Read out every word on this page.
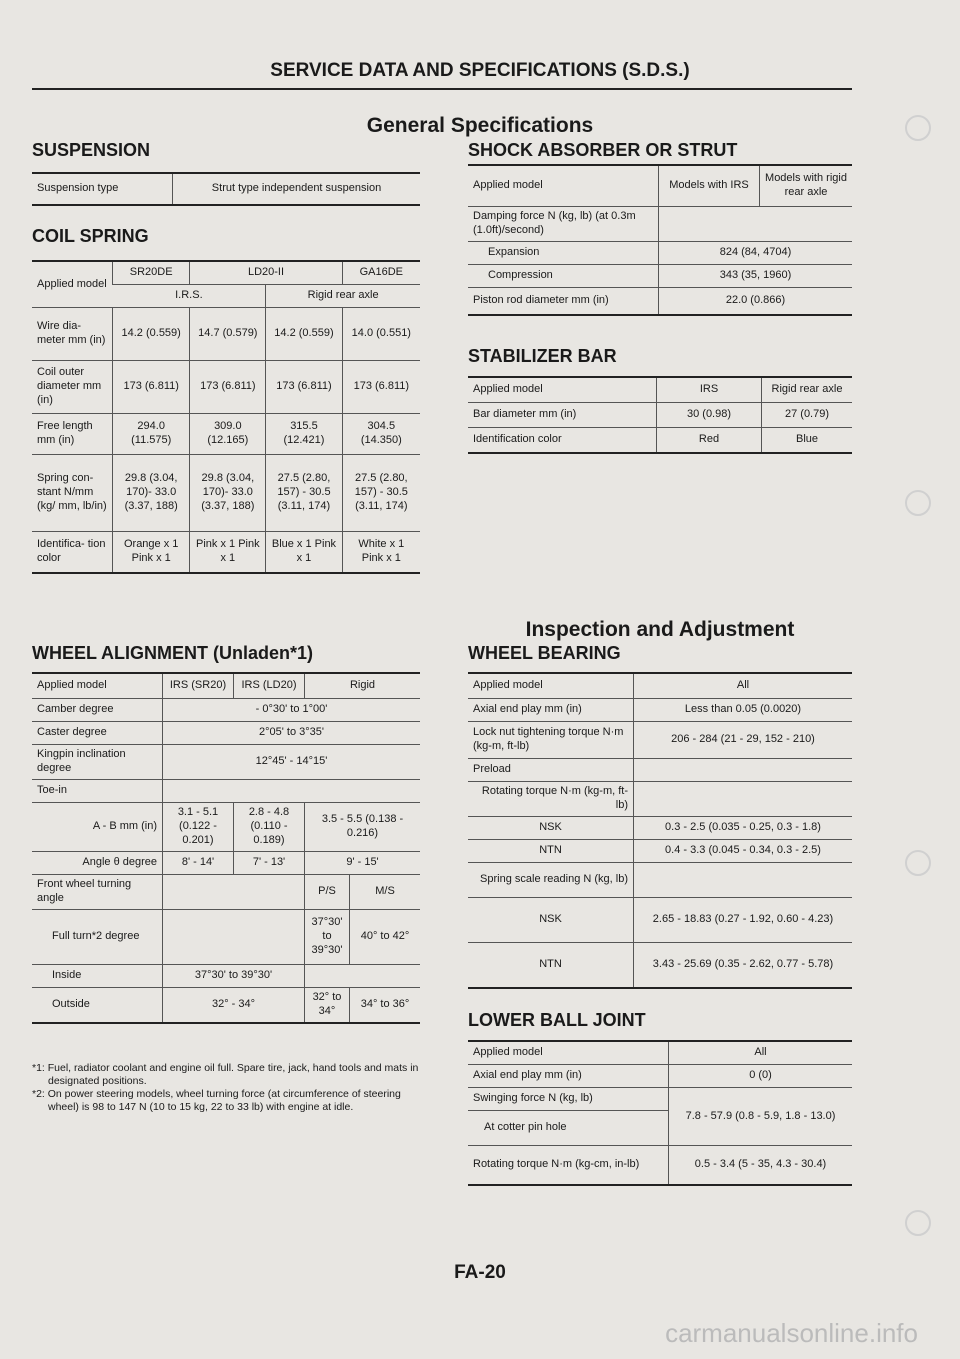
SERVICE DATA AND SPECIFICATIONS (S.D.S.)
General Specifications
SUSPENSION
Suspension type	Strut type independent suspension
COIL SPRING
Applied model	SR20DE	LD20-II		GA16DE
	I.R.S.		Rigid rear axle	
Wire dia- meter mm (in)	14.2 (0.559)	14.7 (0.579)	14.2 (0.559)	14.0 (0.551)
Coil outer diameter mm (in)	173 (6.811)	173 (6.811)	173 (6.811)	173 (6.811)
Free length mm (in)	294.0 (11.575)	309.0 (12.165)	315.5 (12.421)	304.5 (14.350)
Spring con- stant N/mm (kg/ mm, lb/in)	29.8 (3.04, 170)- 33.0 (3.37, 188)	29.8 (3.04, 170)- 33.0 (3.37, 188)	27.5 (2.80, 157) - 30.5 (3.11, 174)	27.5 (2.80, 157) - 30.5 (3.11, 174)
Identifica- tion color	Orange x 1 Pink x 1	Pink x 1 Pink x 1	Blue x 1 Pink x 1	White x 1 Pink x 1
SHOCK ABSORBER OR STRUT
Applied model	Models with IRS	Models with rigid rear axle
Damping force N (kg, lb) (at 0.3m (1.0ft)/second)		
Expansion	824 (84, 4704)	
Compression	343 (35, 1960)	
Piston rod diameter mm (in)	22.0 (0.866)	
STABILIZER BAR
Applied model	IRS	Rigid rear axle
Bar diameter mm (in)	30 (0.98)	27 (0.79)
Identification color	Red	Blue
Inspection and Adjustment
WHEEL ALIGNMENT (Unladen*1)
Applied model	IRS (SR20)	IRS (LD20)	Rigid	
Camber degree	- 0°30' to 1°00'			
Caster degree	2°05' to 3°35'			
Kingpin inclination degree	12°45' - 14°15'			
Toe-in				
A - B mm (in)	3.1 - 5.1 (0.122 - 0.201)	2.8 - 4.8 (0.110 - 0.189)	3.5 - 5.5 (0.138 - 0.216)	
Angle θ degree	8' - 14'	7' - 13'	9' - 15'	
Front wheel turning angle			P/S	M/S
Full turn*2 degree			37°30' to 39°30'	40° to 42°
Inside	37°30' to 39°30'			
Outside	32° - 34°		32° to 34°	34° to 36°
*1: Fuel, radiator coolant and engine oil full. Spare tire, jack, hand tools and mats in designated positions.
*2: On power steering models, wheel turning force (at circumference of steering wheel) is 98 to 147 N (10 to 15 kg, 22 to 33 lb) with engine at idle.
WHEEL BEARING
Applied model	All
Axial end play mm (in)	Less than 0.05 (0.0020)
Lock nut tightening torque N·m (kg-m, ft-lb)	206 - 284 (21 - 29, 152 - 210)
Preload	
Rotating torque N·m (kg-m, ft-lb)	
NSK	0.3 - 2.5 (0.035 - 0.25, 0.3 - 1.8)
NTN	0.4 - 3.3 (0.045 - 0.34, 0.3 - 2.5)
Spring scale reading N (kg, lb)	
NSK	2.65 - 18.83 (0.27 - 1.92, 0.60 - 4.23)
NTN	3.43 - 25.69 (0.35 - 2.62, 0.77 - 5.78)
LOWER BALL JOINT
Applied model	All
Axial end play mm (in)	0 (0)
Swinging force N (kg, lb)	7.8 - 57.9 (0.8 - 5.9, 1.8 - 13.0)
At cotter pin hole	
Rotating torque N·m (kg-cm, in-lb)	0.5 - 3.4 (5 - 35, 4.3 - 30.4)
FA-20
carmanualsonline.info
